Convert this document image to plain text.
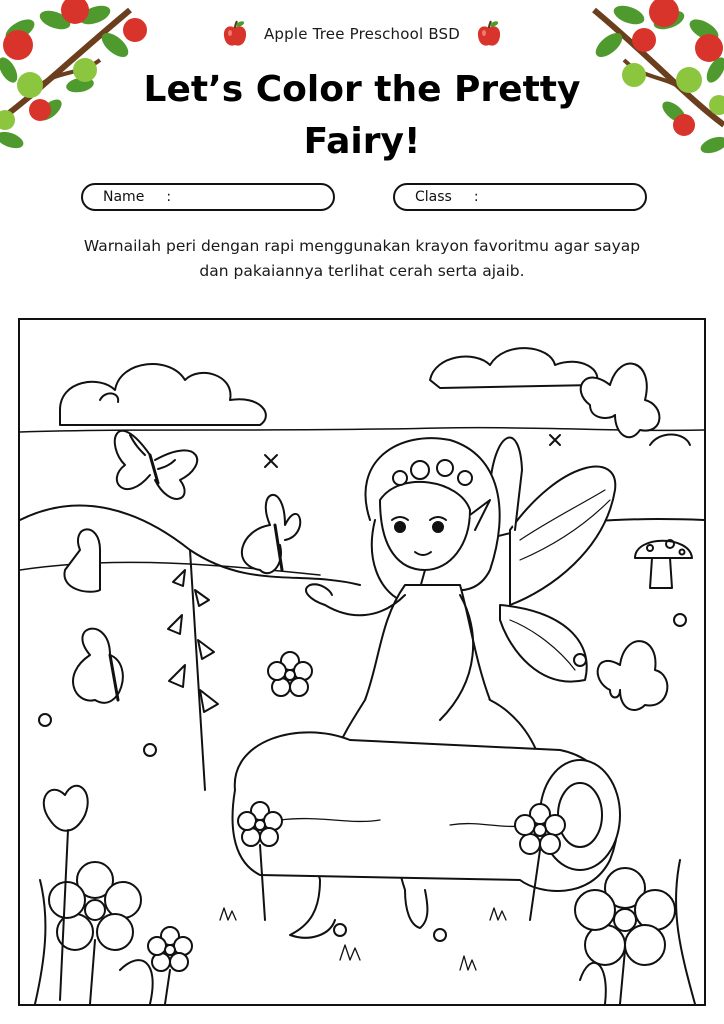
Apple Tree Preschool BSD
Let’s Color the Pretty Fairy!
Name :	Class :

Warnailah peri dengan rapi menggunakan krayon favoritmu agar sayap dan pakaiannya terlihat cerah serta ajaib.
